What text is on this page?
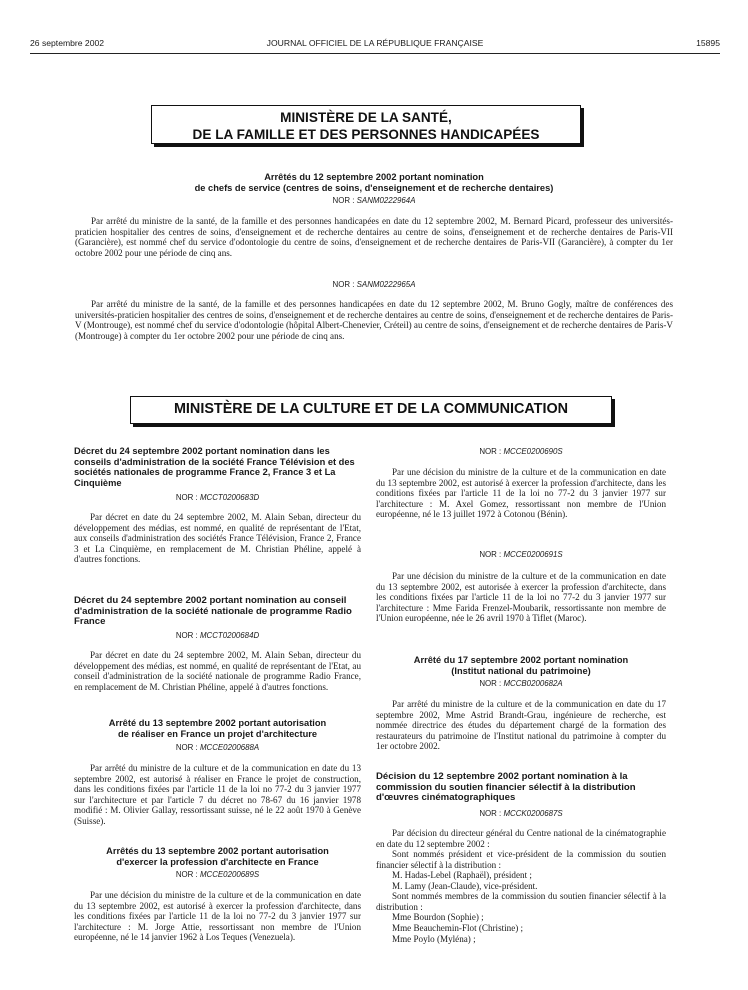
26 septembre 2002	JOURNAL OFFICIEL DE LA RÉPUBLIQUE FRANÇAISE	15895
MINISTÈRE DE LA SANTÉ,
DE LA FAMILLE ET DES PERSONNES HANDICAPÉES
Arrêtés du 12 septembre 2002 portant nomination
de chefs de service (centres de soins, d'enseignement et de recherche dentaires)
NOR : SANM0222964A

Par arrêté du ministre de la santé, de la famille et des personnes handicapées en date du 12 septembre 2002, M. Bernard Picard, professeur des universités-praticien hospitalier des centres de soins, d'enseignement et de recherche dentaires au centre de soins, d'enseignement et de recherche dentaires de Paris-VII (Garancière), est nommé chef du service d'odontologie du centre de soins, d'enseignement et de recherche dentaires de Paris-VII (Garancière), à compter du 1er octobre 2002 pour une période de cinq ans.

NOR : SANM0222965A

Par arrêté du ministre de la santé, de la famille et des personnes handicapées en date du 12 septembre 2002, M. Bruno Gogly, maître de conférences des universités-praticien hospitalier des centres de soins, d'enseignement et de recherche dentaires au centre de soins, d'enseignement et de recherche dentaires de Paris-V (Montrouge), est nommé chef du service d'odontologie (hôpital Albert-Chenevier, Créteil) au centre de soins, d'enseignement et de recherche dentaires de Paris-V (Montrouge) à compter du 1er octobre 2002 pour une période de cinq ans.

MINISTÈRE DE LA CULTURE ET DE LA COMMUNICATION
Décret du 24 septembre 2002 portant nomination dans les conseils d'administration de la société France Télévision et des sociétés nationales de programme France 2, France 3 et La Cinquième
NOR : MCCT0200683D

Par décret en date du 24 septembre 2002, M. Alain Seban, directeur du développement des médias, est nommé, en qualité de représentant de l'Etat, aux conseils d'administration des sociétés France Télévision, France 2, France 3 et La Cinquième, en remplacement de M. Christian Phéline, appelé à d'autres fonctions.

Décret du 24 septembre 2002 portant nomination au conseil d'administration de la société nationale de programme Radio France
NOR : MCCT0200684D

Par décret en date du 24 septembre 2002, M. Alain Seban, directeur du développement des médias, est nommé, en qualité de représentant de l'Etat, au conseil d'administration de la société nationale de programme Radio France, en remplacement de M. Christian Phéline, appelé à d'autres fonctions.

Arrêté du 13 septembre 2002 portant autorisation
de réaliser en France un projet d'architecture
NOR : MCCE0200688A

Par arrêté du ministre de la culture et de la communication en date du 13 septembre 2002, est autorisé à réaliser en France le projet de construction, dans les conditions fixées par l'article 11 de la loi no 77-2 du 3 janvier 1977 sur l'architecture et par l'article 7 du décret no 78-67 du 16 janvier 1978 modifié : M. Olivier Gallay, ressortissant suisse, né le 22 août 1970 à Genève (Suisse).

Arrêtés du 13 septembre 2002 portant autorisation
d'exercer la profession d'architecte en France
NOR : MCCE0200689S

Par une décision du ministre de la culture et de la communication en date du 13 septembre 2002, est autorisé à exercer la profession d'architecte, dans les conditions fixées par l'article 11 de la loi no 77-2 du 3 janvier 1977 sur l'architecture : M. Jorge Attie, ressortissant non membre de l'Union européenne, né le 14 janvier 1962 à Los Teques (Venezuela).

NOR : MCCE0200690S

Par une décision du ministre de la culture et de la communication en date du 13 septembre 2002, est autorisé à exercer la profession d'architecte, dans les conditions fixées par l'article 11 de la loi no 77-2 du 3 janvier 1977 sur l'architecture : M. Axel Gomez, ressortissant non membre de l'Union européenne, né le 13 juillet 1972 à Cotonou (Bénin).

NOR : MCCE0200691S

Par une décision du ministre de la culture et de la communication en date du 13 septembre 2002, est autorisée à exercer la profession d'architecte, dans les conditions fixées par l'article 11 de la loi no 77-2 du 3 janvier 1977 sur l'architecture : Mme Farida Frenzel-Moubarik, ressortissante non membre de l'Union européenne, née le 26 avril 1970 à Tiflet (Maroc).

Arrêté du 17 septembre 2002 portant nomination
(Institut national du patrimoine)
NOR : MCCB0200682A

Par arrêté du ministre de la culture et de la communication en date du 17 septembre 2002, Mme Astrid Brandt-Grau, ingénieure de recherche, est nommée directrice des études du département chargé de la formation des restaurateurs du patrimoine de l'Institut national du patrimoine à compter du 1er octobre 2002.

Décision du 12 septembre 2002 portant nomination à la commission du soutien financier sélectif à la distribution d'œuvres cinématographiques
NOR : MCCK0200687S

Par décision du directeur général du Centre national de la cinématographie en date du 12 septembre 2002 :

Sont nommés président et vice-président de la commission du soutien financier sélectif à la distribution :

M. Hadas-Lebel (Raphaël), président ;

M. Lamy (Jean-Claude), vice-président.

Sont nommés membres de la commission du soutien financier sélectif à la distribution :

Mme Bourdon (Sophie) ;

Mme Beauchemin-Flot (Christine) ;

Mme Poylo (Myléna) ;
